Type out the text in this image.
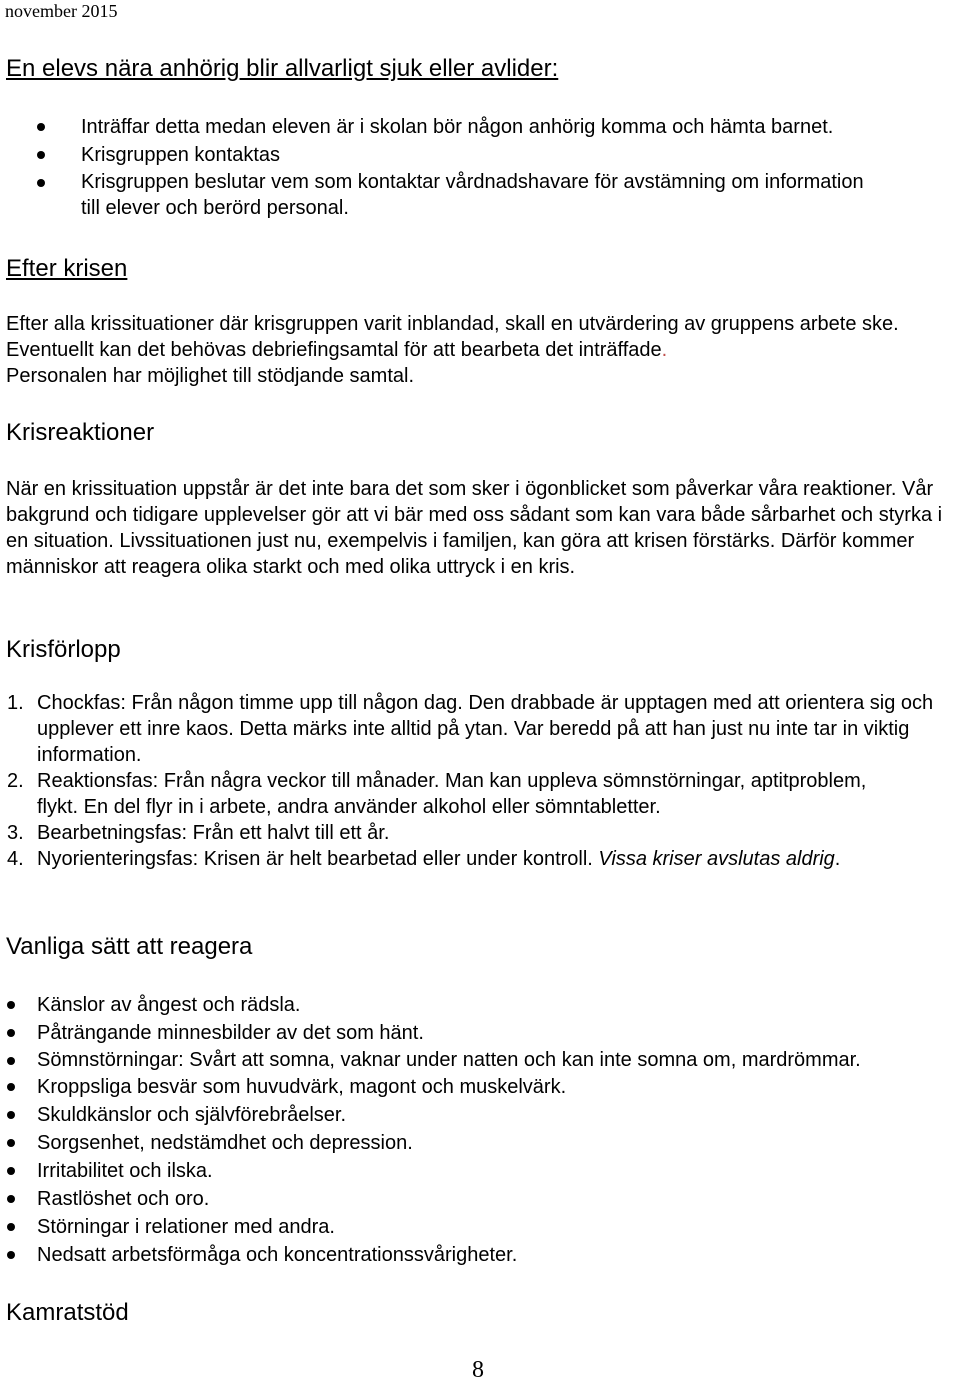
november 2015
En elevs nära anhörig blir allvarligt sjuk eller avlider:
Inträffar detta medan eleven är i skolan bör någon anhörig komma och hämta barnet.
Krisgruppen kontaktas
Krisgruppen beslutar vem som kontaktar vårdnadshavare för avstämning om information till elever och berörd personal.
Efter krisen
Efter alla krissituationer där krisgruppen varit inblandad, skall en utvärdering av gruppens arbete ske. Eventuellt kan det behövas debriefingsamtal för att bearbeta det inträffade.
Personalen har möjlighet till stödjande samtal.
Krisreaktioner
När en krissituation uppstår är det inte bara det som sker i ögonblicket som påverkar våra reaktioner. Vår bakgrund och tidigare upplevelser gör att vi bär med oss sådant som kan vara både sårbarhet och styrka i en situation. Livssituationen just nu, exempelvis i familjen, kan göra att krisen förstärks. Därför kommer människor att reagera olika starkt och med olika uttryck i en kris.
Krisförlopp
1. Chockfas: Från någon timme upp till någon dag. Den drabbade är upptagen med att orientera sig och upplever ett inre kaos. Detta märks inte alltid på ytan. Var beredd på att han just nu inte tar in viktig information.
2. Reaktionsfas: Från några veckor till månader. Man kan uppleva sömnstörningar, aptitproblem, flykt. En del flyr in i arbete, andra använder alkohol eller sömntabletter.
3. Bearbetningsfas: Från ett halvt till ett år.
4. Nyorienteringsfas: Krisen är helt bearbetad eller under kontroll. Vissa kriser avslutas aldrig.
Vanliga sätt att reagera
Känslor av ångest och rädsla.
Påträngande minnesbilder av det som hänt.
Sömnstörningar: Svårt att somna, vaknar under natten och kan inte somna om, mardrömmar.
Kroppsliga besvär som huvudvärk, magont och muskelvärk.
Skuldkänslor och självförebråelser.
Sorgsenhet, nedstämdhet och depression.
Irritabilitet och ilska.
Rastlöshet och oro.
Störningar i relationer med andra.
Nedsatt arbetsförmåga och koncentrationssvårigheter.
Kamratstöd
8
